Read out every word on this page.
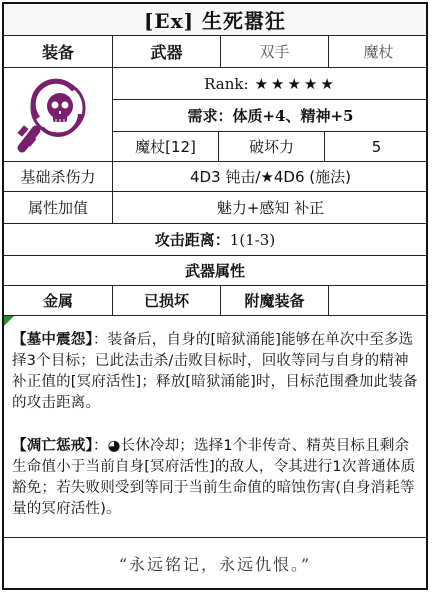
[Ex] 生死嚣狂
装备	武器	双手	魔杖
Rank: ★★★★★
需求：体质+4、精神+5
魔杖[12]	破坏力	5
基础杀伤力	4D3 钝击/★4D6 (施法)
属性加值	魅力+感知 补正
攻击距离： 1(1-3)
武器属性
金属	已损坏	附魔装备
【墓中震怨】：装备后，自身的[暗狱涌能]能够在单次中至多选择3个目标；已此法击杀/击败目标时，回收等同与自身的精神补正值的[冥府活性]；释放[暗狱涌能]时，目标范围叠加此装备的攻击距离。
【凋亡惩戒】：◕长休冷却；选择1个非传奇、精英目标且剩余生命值小于当前自身[冥府活性]的敌人，令其进行1次普通体质豁免；若失败则受到等同于当前生命值的暗蚀伤害(自身消耗等量的冥府活性)。
“永远铭记，永远仇恨。”
